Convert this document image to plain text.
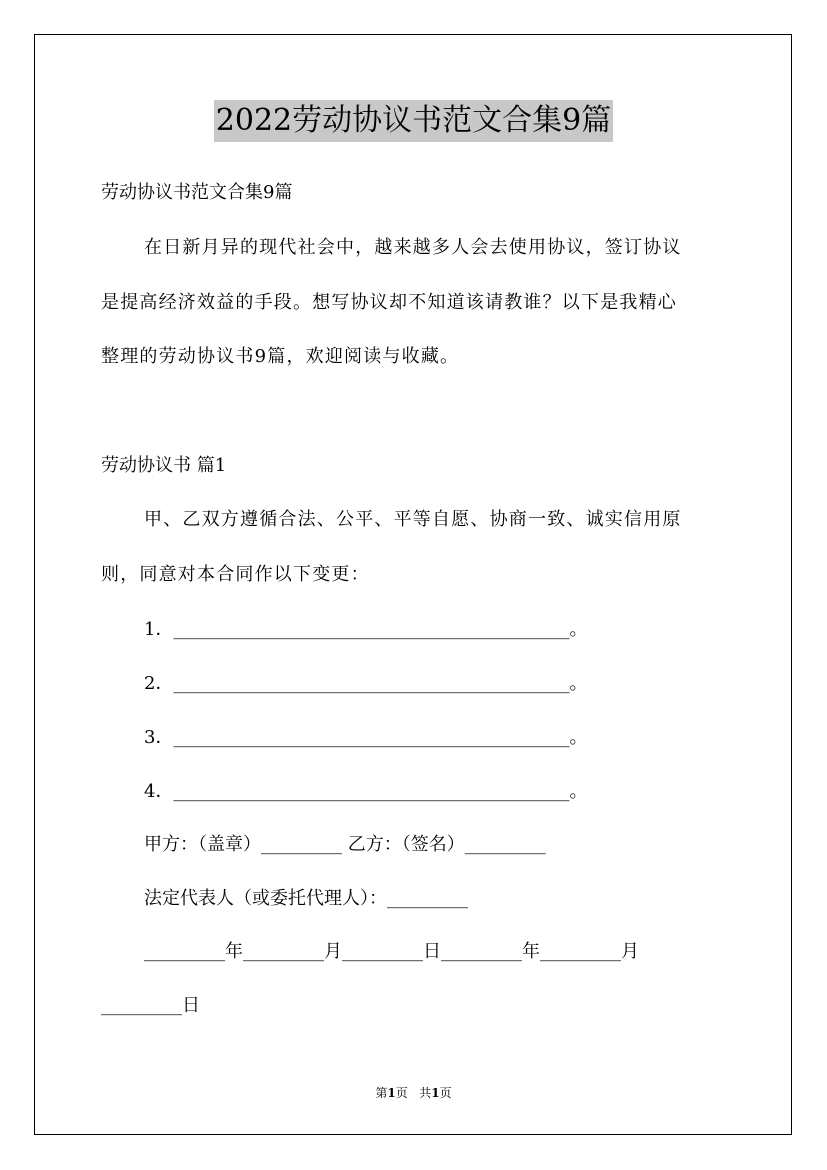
2022劳动协议书范文合集9篇
劳动协议书范文合集9篇
在日新月异的现代社会中，越来越多人会去使用协议，签订协议
是提高经济效益的手段。想写协议却不知道该请教谁？以下是我精心
整理的劳动协议书9篇，欢迎阅读与收藏。
劳动协议书 篇1
甲、乙双方遵循合法、公平、平等自愿、协商一致、诚实信用原
则，同意对本合同作以下变更：
1．____________________________________________。
2．____________________________________________。
3．____________________________________________。
4．____________________________________________。
甲方：（盖章）_________ 乙方：（签名）_________
法定代表人（或委托代理人）：_________
_________年_________月_________日_________年_________月
_________日
第1页 共1页
